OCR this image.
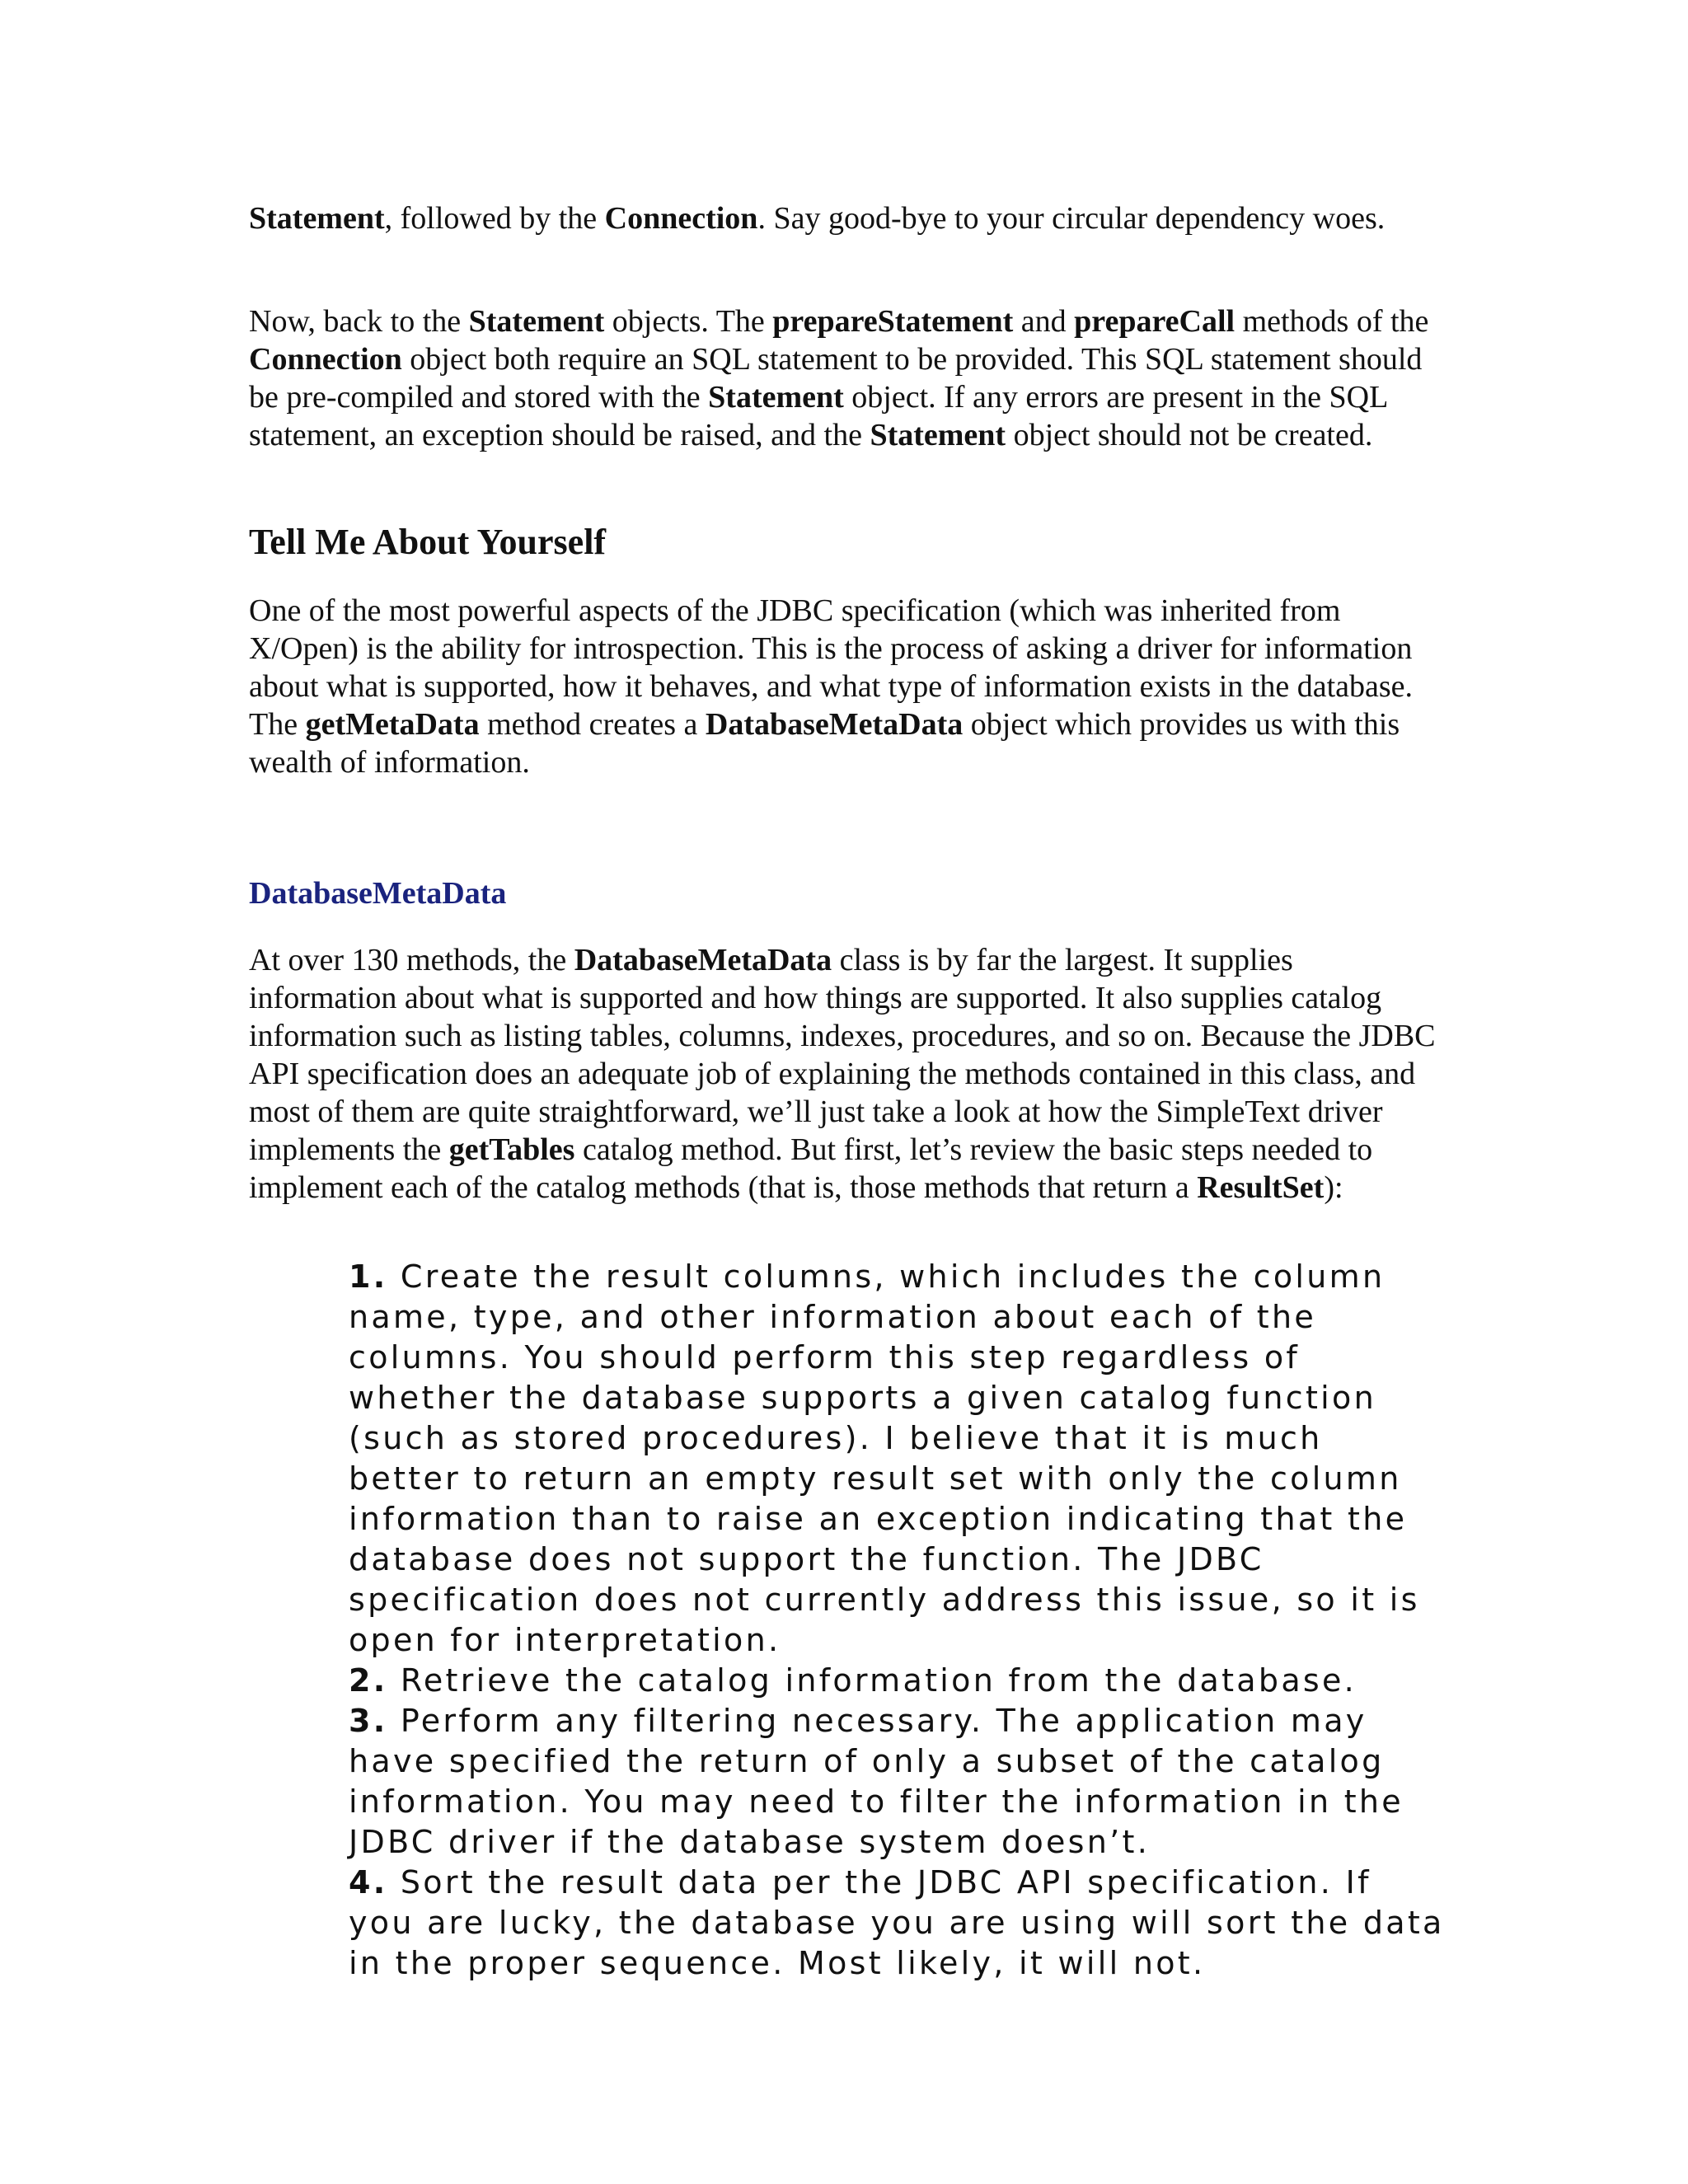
Statement, followed by the Connection. Say good-bye to your circular dependency woes.

Now, back to the Statement objects. The prepareStatement and prepareCall methods of the Connection object both require an SQL statement to be provided. This SQL statement should be pre-compiled and stored with the Statement object. If any errors are present in the SQL statement, an exception should be raised, and the Statement object should not be created.

Tell Me About Yourself

One of the most powerful aspects of the JDBC specification (which was inherited from X/Open) is the ability for introspection. This is the process of asking a driver for information about what is supported, how it behaves, and what type of information exists in the database. The getMetaData method creates a DatabaseMetaData object which provides us with this wealth of information.

DatabaseMetaData

At over 130 methods, the DatabaseMetaData class is by far the largest. It supplies information about what is supported and how things are supported. It also supplies catalog information such as listing tables, columns, indexes, procedures, and so on. Because the JDBC API specification does an adequate job of explaining the methods contained in this class, and most of them are quite straightforward, we’ll just take a look at how the SimpleText driver implements the getTables catalog method. But first, let’s review the basic steps needed to implement each of the catalog methods (that is, those methods that return a ResultSet):

1. Create the result columns, which includes the column name, type, and other information about each of the columns. You should perform this step regardless of whether the database supports a given catalog function (such as stored procedures). I believe that it is much better to return an empty result set with only the column information than to raise an exception indicating that the database does not support the function. The JDBC specification does not currently address this issue, so it is open for interpretation.
2. Retrieve the catalog information from the database.
3. Perform any filtering necessary. The application may have specified the return of only a subset of the catalog information. You may need to filter the information in the JDBC driver if the database system doesn’t.
4. Sort the result data per the JDBC API specification. If you are lucky, the database you are using will sort the data in the proper sequence. Most likely, it will not.
